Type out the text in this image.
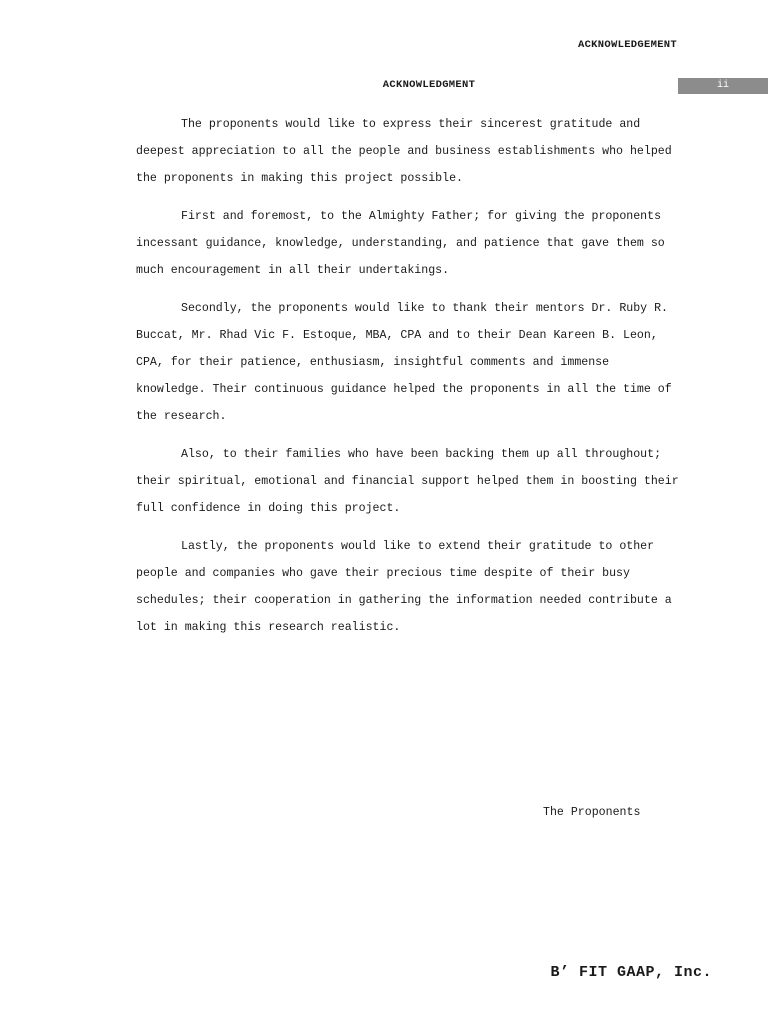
ACKNOWLEDGEMENT
ii
ACKNOWLEDGMENT

The proponents would like to express their sincerest gratitude and deepest appreciation to all the people and business establishments who helped the proponents in making this project possible.

First and foremost, to the Almighty Father; for giving the proponents incessant guidance, knowledge, understanding, and patience that gave them so much encouragement in all their undertakings.

Secondly, the proponents would like to thank their mentors Dr. Ruby R. Buccat, Mr. Rhad Vic F. Estoque, MBA, CPA and to their Dean Kareen B. Leon, CPA, for their patience, enthusiasm, insightful comments and immense knowledge. Their continuous guidance helped the proponents in all the time of the research.

Also, to their families who have been backing them up all throughout; their spiritual, emotional and financial support helped them in boosting their full confidence in doing this project.

Lastly, the proponents would like to extend their gratitude to other people and companies who gave their precious time despite of their busy schedules; their cooperation in gathering the information needed contribute a lot in making this research realistic.

The Proponents
B’ FIT GAAP, Inc.
